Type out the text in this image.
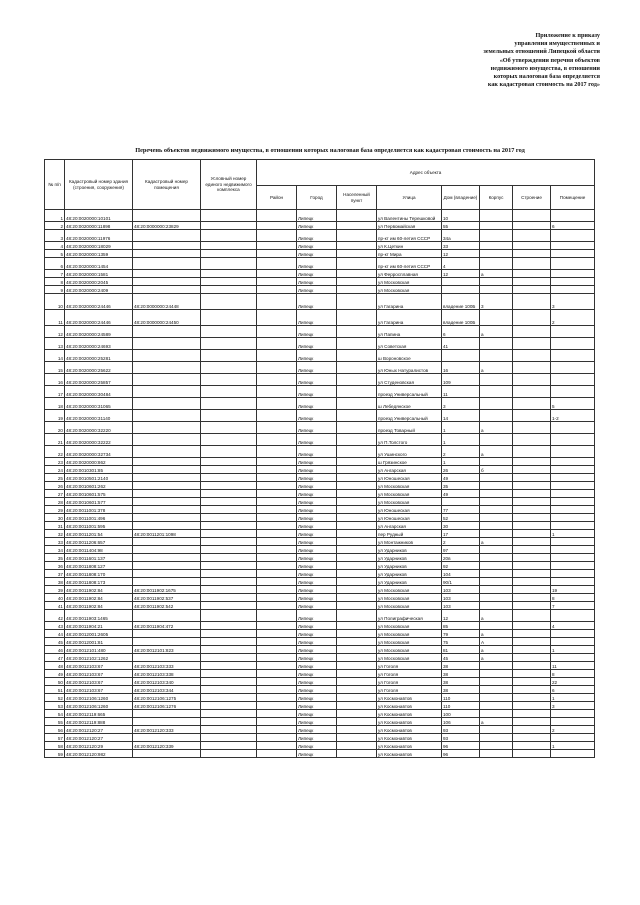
Приложение к приказу
управления имущественных и
земельных отношений Липецкой области
«Об утверждении перечня объектов
недвижимого имущества, в отношении
которых налоговая база определяется
как кадастровая стоимость на 2017 год»
Перечень объектов недвижимого имущества, в отношении которых налоговая база определяется как кадастровая стоимость на 2017 год
№ п/п	Кадастровый номер здания (строения, сооружения)	Кадастровый номер помещения	Условный номер единого недвижимого комплекса	Адрес объекта							
				Район	Город	Населенный пункт	Улица	Дом (владение)	Корпус	Строение	Помещение
1	48:20:0020000:10101				Липецк		ул Валентины Терешковой	10			
2	48:20:0020000:11898	48:20:0000000:23829			Липецк		ул Первомайская	55			6
3	48:20:0020000:11976				Липецк		пр-кт им 60-летия СССР	34а			
4	48:20:0020000:18029				Липецк		ул К.Цеткин	33			
5	48:20:0020000:1359				Липецк		пр-кт Мира	12			
6	48:20:0020000:1454				Липецк		пр-кт им 60-летия СССР	4			
7	48:20:0020000:1581				Липецк		ул Ферросплавная	12	а		
8	48:20:0020000:2045				Липецк		ул Московская				
9	48:20:0020000:2409				Липецк		ул Московская				
10	48:20:0020000:24446	48:20:0000000:24448			Липецк		ул Гагарина	владение 100Б	3		3
11	48:20:0020000:24446	48:20:0000000:24450			Липецк		ул Гагарина	владение 100Б			2
12	48:20:0020000:24589				Липецк		ул Папина	6	а		
13	48:20:0020000:24693				Липецк		ул Советская	41			
14	48:20:0020000:25281				Липецк		ш Вороновское				
15	48:20:0020000:25622				Липецк		ул Юных Натуралистов	16	а		
16	48:20:0020000:25857				Липецк		ул Студеновская	109			
17	48:20:0020000:30484				Липецк		проезд Универсальный	11			
18	48:20:0020000:31065				Липецк		ш Лебедянское	3			5
19	48:20:0020000:31140				Липецк		проезд Универсальный	14			1-2
20	48:20:0020000:32220				Липецк		проезд Товарный	1	а		
21	48:20:0020000:32222				Липецк		ул П.Толстого	1			
22	48:20:0020000:32734				Липецк		ул Ушинского	2	а		
23	48:20:0020000:862				Липецк		ш Грязинское	1			
24	48:20:0010301:85				Липецк		ул Ангарская	26	б		
25	48:20:0010501:2140				Липецк		ул Юношеская	49			
26	48:20:0010601:262				Липецк		ул Московская	35			
27	48:20:0010601:575				Липецк		ул Московская	49			
28	48:20:0010601:577				Липецк		ул Московская				
29	48:20:0011001:378				Липецк		ул Юношеская	77			
30	48:20:0011001:496				Липецк		ул Юношеская	52			
31	48:20:0011001:595				Липецк		ул Ангарская	30			
32	48:20:0011201:54	48:20:0011201:1098			Липецк		пер Рудный	17			1
33	48:20:0011206:657				Липецк		ул Монтажников	2	а		
34	48:20:0011404:98				Липецк		ул Ударников	97			
35	48:20:0011601:137				Липецк		ул Ударников	20в			
36	48:20:0011808:127				Липецк		ул Ударников	92			
37	48:20:0011808:170				Липецк		ул Ударников	104			
38	48:20:0011808:173				Липецк		ул Ударников	90/1			
39	48:20:0011902:84	48:20:0011902:1675			Липецк		ул Московская	103			19
40	48:20:0011902:84	48:20:0011902:537			Липецк		ул Московская	103			8
41	48:20:0011902:84	48:20:0011902:542			Липецк		ул Московская	103			7
42	48:20:0011903:1465				Липецк		ул Полиграфическая	12	а		
43	48:20:0011904:21	48:20:0011904:472			Липецк		ул Московская	85			4
44	48:20:0012001:2605				Липецк		ул Московская	79	а		
45	48:20:0012001:81				Липецк		ул Московская	75	А		
46	48:20:0012101:480	48:20:0012101:823			Липецк		ул Московская	81	а		1
47	48:20:0012102:1262				Липецк		ул Московская	45	а		
48	48:20:0012103:67	48:20:0012103:333			Липецк		ул Гоголя	38			11
49	48:20:0012103:67	48:20:0012103:338			Липецк		ул Гоголя	38			8
50	48:20:0012103:67	48:20:0012103:340			Липецк		ул Гоголя	38			22
51	48:20:0012103:67	48:20:0012103:344			Липецк		ул Гоголя	38			6
52	48:20:0012106:1260	48:20:0012106:1275			Липецк		ул Космонавтов	110			1
53	48:20:0012106:1260	48:20:0012106:1276			Липецк		ул Космонавтов	110			3
54	48:20:0012119:665				Липецк		ул Космонавтов	100			
55	48:20:0012119:888				Липецк		ул Космонавтов	106	а		
56	48:20:0012120:27	48:20:0012120:333			Липецк		ул Космонавтов	93			2
57	48:20:0012120:27				Липецк		ул Космонавтов	93			
58	48:20:0012120:29	48:20:0012120:339			Липецк		ул Космонавтов	96			1
59	48:20:0012120:982				Липецк		ул Космонавтов	96			
